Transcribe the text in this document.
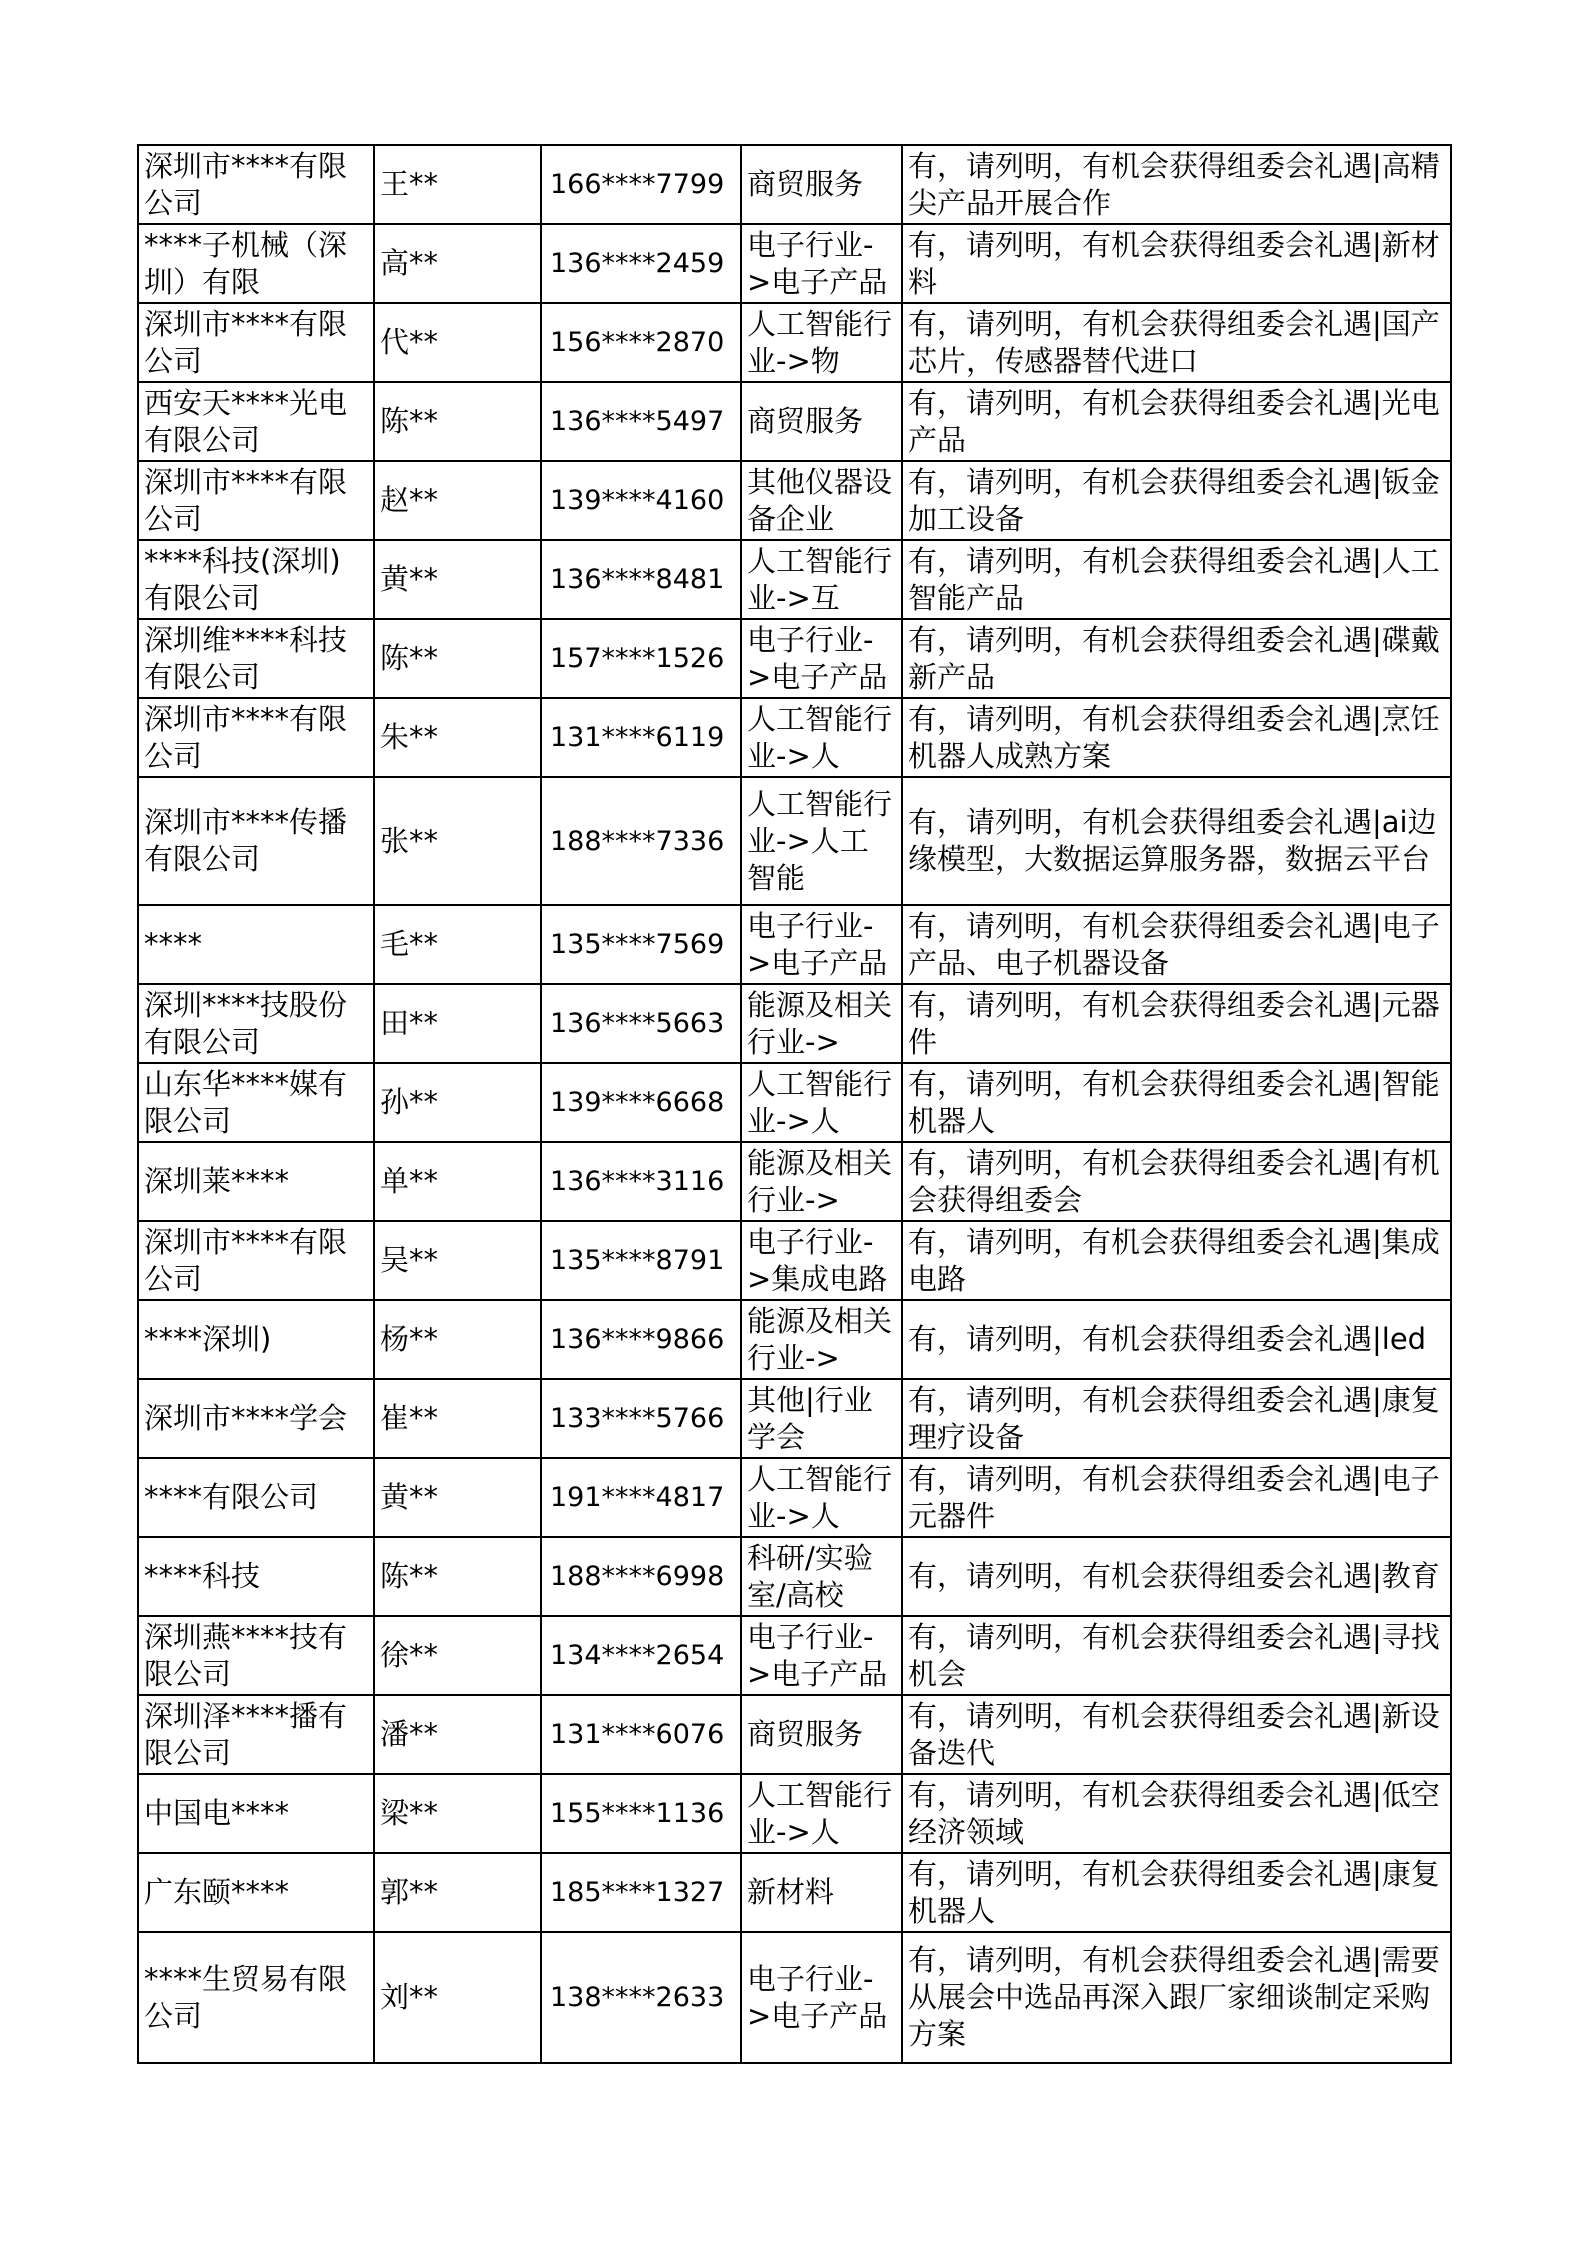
深圳市****有限公司	王**	166****7799	商贸服务	有，请列明，有机会获得组委会礼遇|高精尖产品开展合作

****子机械（深圳）有限	高**	136****2459	电子行业->电子产品	有，请列明，有机会获得组委会礼遇|新材料

深圳市****有限公司	代**	156****2870	人工智能行业->物	有，请列明，有机会获得组委会礼遇|国产芯片，传感器替代进口

西安天****光电有限公司	陈**	136****5497	商贸服务	有，请列明，有机会获得组委会礼遇|光电产品

深圳市****有限公司	赵**	139****4160	其他仪器设备企业	有，请列明，有机会获得组委会礼遇|钣金加工设备

****科技(深圳)有限公司	黄**	136****8481	人工智能行业->互	有，请列明，有机会获得组委会礼遇|人工智能产品

深圳维****科技有限公司	陈**	157****1526	电子行业->电子产品	有，请列明，有机会获得组委会礼遇|碟戴新产品

深圳市****有限公司	朱**	131****6119	人工智能行业->人	有，请列明，有机会获得组委会礼遇|烹饪机器人成熟方案

深圳市****传播有限公司	张**	188****7336	人工智能行业->人工智能	有，请列明，有机会获得组委会礼遇|ai边缘模型，大数据运算服务器，数据云平台

****	毛**	135****7569	电子行业->电子产品	有，请列明，有机会获得组委会礼遇|电子产品、电子机器设备

深圳****技股份有限公司	田**	136****5663	能源及相关行业->	有，请列明，有机会获得组委会礼遇|元器件

山东华****媒有限公司	孙**	139****6668	人工智能行业->人	有，请列明，有机会获得组委会礼遇|智能机器人

深圳莱****	单**	136****3116	能源及相关行业->	有，请列明，有机会获得组委会礼遇|有机会获得组委会

深圳市****有限公司	吴**	135****8791	电子行业->集成电路	有，请列明，有机会获得组委会礼遇|集成电路

****深圳)	杨**	136****9866	能源及相关行业->	有，请列明，有机会获得组委会礼遇|led

深圳市****学会	崔**	133****5766	其他|行业学会	有，请列明，有机会获得组委会礼遇|康复理疗设备

****有限公司	黄**	191****4817	人工智能行业->人	有，请列明，有机会获得组委会礼遇|电子元器件

****科技	陈**	188****6998	科研/实验室/高校	有，请列明，有机会获得组委会礼遇|教育

深圳燕****技有限公司	徐**	134****2654	电子行业->电子产品	有，请列明，有机会获得组委会礼遇|寻找机会

深圳泽****播有限公司	潘**	131****6076	商贸服务	有，请列明，有机会获得组委会礼遇|新设备迭代

中国电****	梁**	155****1136	人工智能行业->人	有，请列明，有机会获得组委会礼遇|低空经济领域

广东颐****	郭**	185****1327	新材料	有，请列明，有机会获得组委会礼遇|康复机器人

****生贸易有限公司	刘**	138****2633	电子行业->电子产品	有，请列明，有机会获得组委会礼遇|需要从展会中选品再深入跟厂家细谈制定采购方案
